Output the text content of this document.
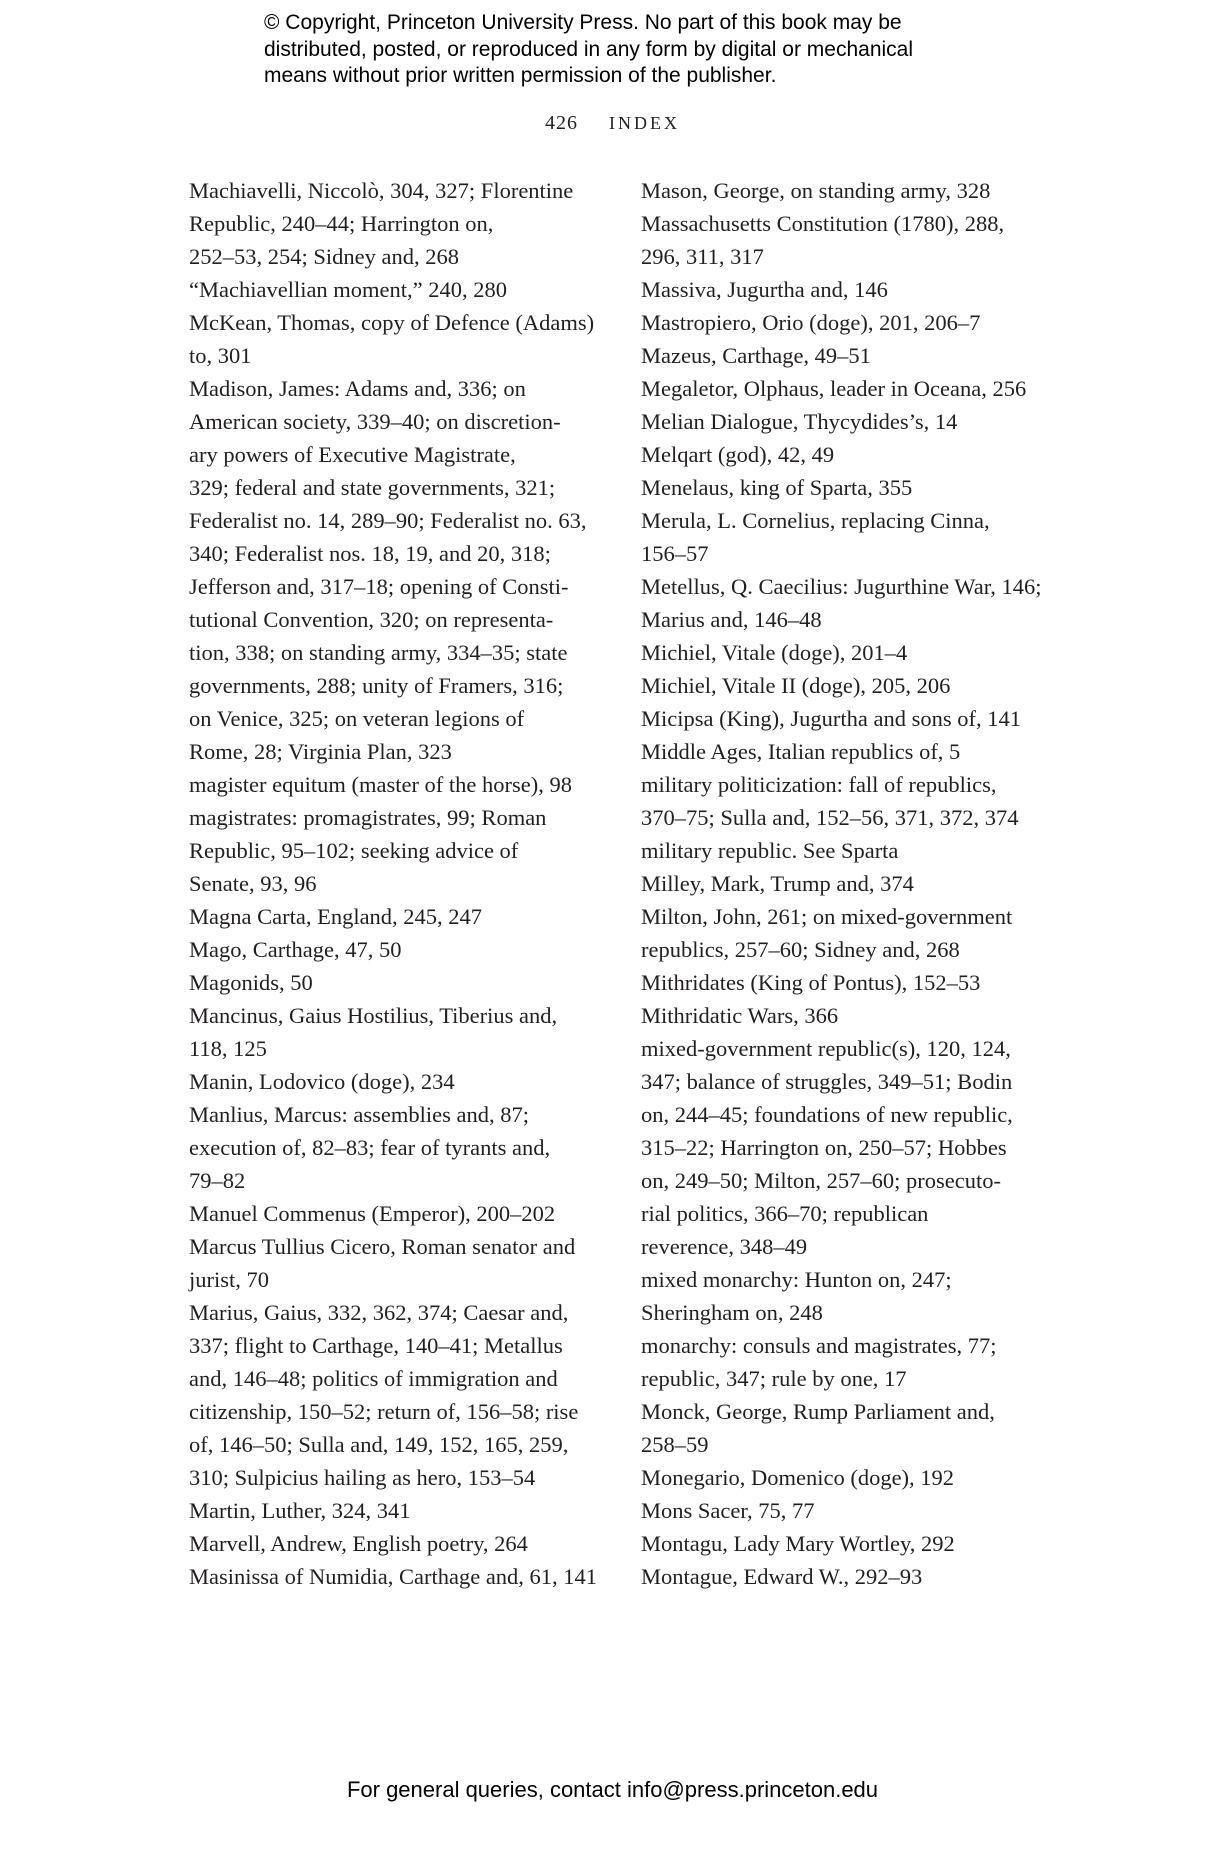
© Copyright, Princeton University Press. No part of this book may be
distributed, posted, or reproduced in any form by digital or mechanical
means without prior written permission of the publisher.
426 INDEX
Machiavelli, Niccolò, 304, 327; Florentine
Republic, 240–44; Harrington on,
252–53, 254; Sidney and, 268
“Machiavellian moment,” 240, 280
McKean, Thomas, copy of Defence (Adams)
to, 301
Madison, James: Adams and, 336; on
American society, 339–40; on discretion-
ary powers of Executive Magistrate,
329; federal and state governments, 321;
Federalist no. 14, 289–90; Federalist no. 63,
340; Federalist nos. 18, 19, and 20, 318;
Jefferson and, 317–18; opening of Consti-
tutional Convention, 320; on representa-
tion, 338; on standing army, 334–35; state
governments, 288; unity of Framers, 316;
on Venice, 325; on veteran legions of
Rome, 28; Virginia Plan, 323
magister equitum (master of the horse), 98
magistrates: promagistrates, 99; Roman
Republic, 95–102; seeking advice of
Senate, 93, 96
Magna Carta, England, 245, 247
Mago, Carthage, 47, 50
Magonids, 50
Mancinus, Gaius Hostilius, Tiberius and,
118, 125
Manin, Lodovico (doge), 234
Manlius, Marcus: assemblies and, 87;
execution of, 82–83; fear of tyrants and,
79–82
Manuel Commenus (Emperor), 200–202
Marcus Tullius Cicero, Roman senator and
jurist, 70
Marius, Gaius, 332, 362, 374; Caesar and,
337; flight to Carthage, 140–41; Metallus
and, 146–48; politics of immigration and
citizenship, 150–52; return of, 156–58; rise
of, 146–50; Sulla and, 149, 152, 165, 259,
310; Sulpicius hailing as hero, 153–54
Martin, Luther, 324, 341
Marvell, Andrew, English poetry, 264
Masinissa of Numidia, Carthage and, 61, 141
Mason, George, on standing army, 328
Massachusetts Constitution (1780), 288,
296, 311, 317
Massiva, Jugurtha and, 146
Mastropiero, Orio (doge), 201, 206–7
Mazeus, Carthage, 49–51
Megaletor, Olphaus, leader in Oceana, 256
Melian Dialogue, Thycydides’s, 14
Melqart (god), 42, 49
Menelaus, king of Sparta, 355
Merula, L. Cornelius, replacing Cinna,
156–57
Metellus, Q. Caecilius: Jugurthine War, 146;
Marius and, 146–48
Michiel, Vitale (doge), 201–4
Michiel, Vitale II (doge), 205, 206
Micipsa (King), Jugurtha and sons of, 141
Middle Ages, Italian republics of, 5
military politicization: fall of republics,
370–75; Sulla and, 152–56, 371, 372, 374
military republic. See Sparta
Milley, Mark, Trump and, 374
Milton, John, 261; on mixed-government
republics, 257–60; Sidney and, 268
Mithridates (King of Pontus), 152–53
Mithridatic Wars, 366
mixed-government republic(s), 120, 124,
347; balance of struggles, 349–51; Bodin
on, 244–45; foundations of new republic,
315–22; Harrington on, 250–57; Hobbes
on, 249–50; Milton, 257–60; prosecuto-
rial politics, 366–70; republican
reverence, 348–49
mixed monarchy: Hunton on, 247;
Sheringham on, 248
monarchy: consuls and magistrates, 77;
republic, 347; rule by one, 17
Monck, George, Rump Parliament and,
258–59
Monegario, Domenico (doge), 192
Mons Sacer, 75, 77
Montagu, Lady Mary Wortley, 292
Montague, Edward W., 292–93
For general queries, contact info@press.princeton.edu
